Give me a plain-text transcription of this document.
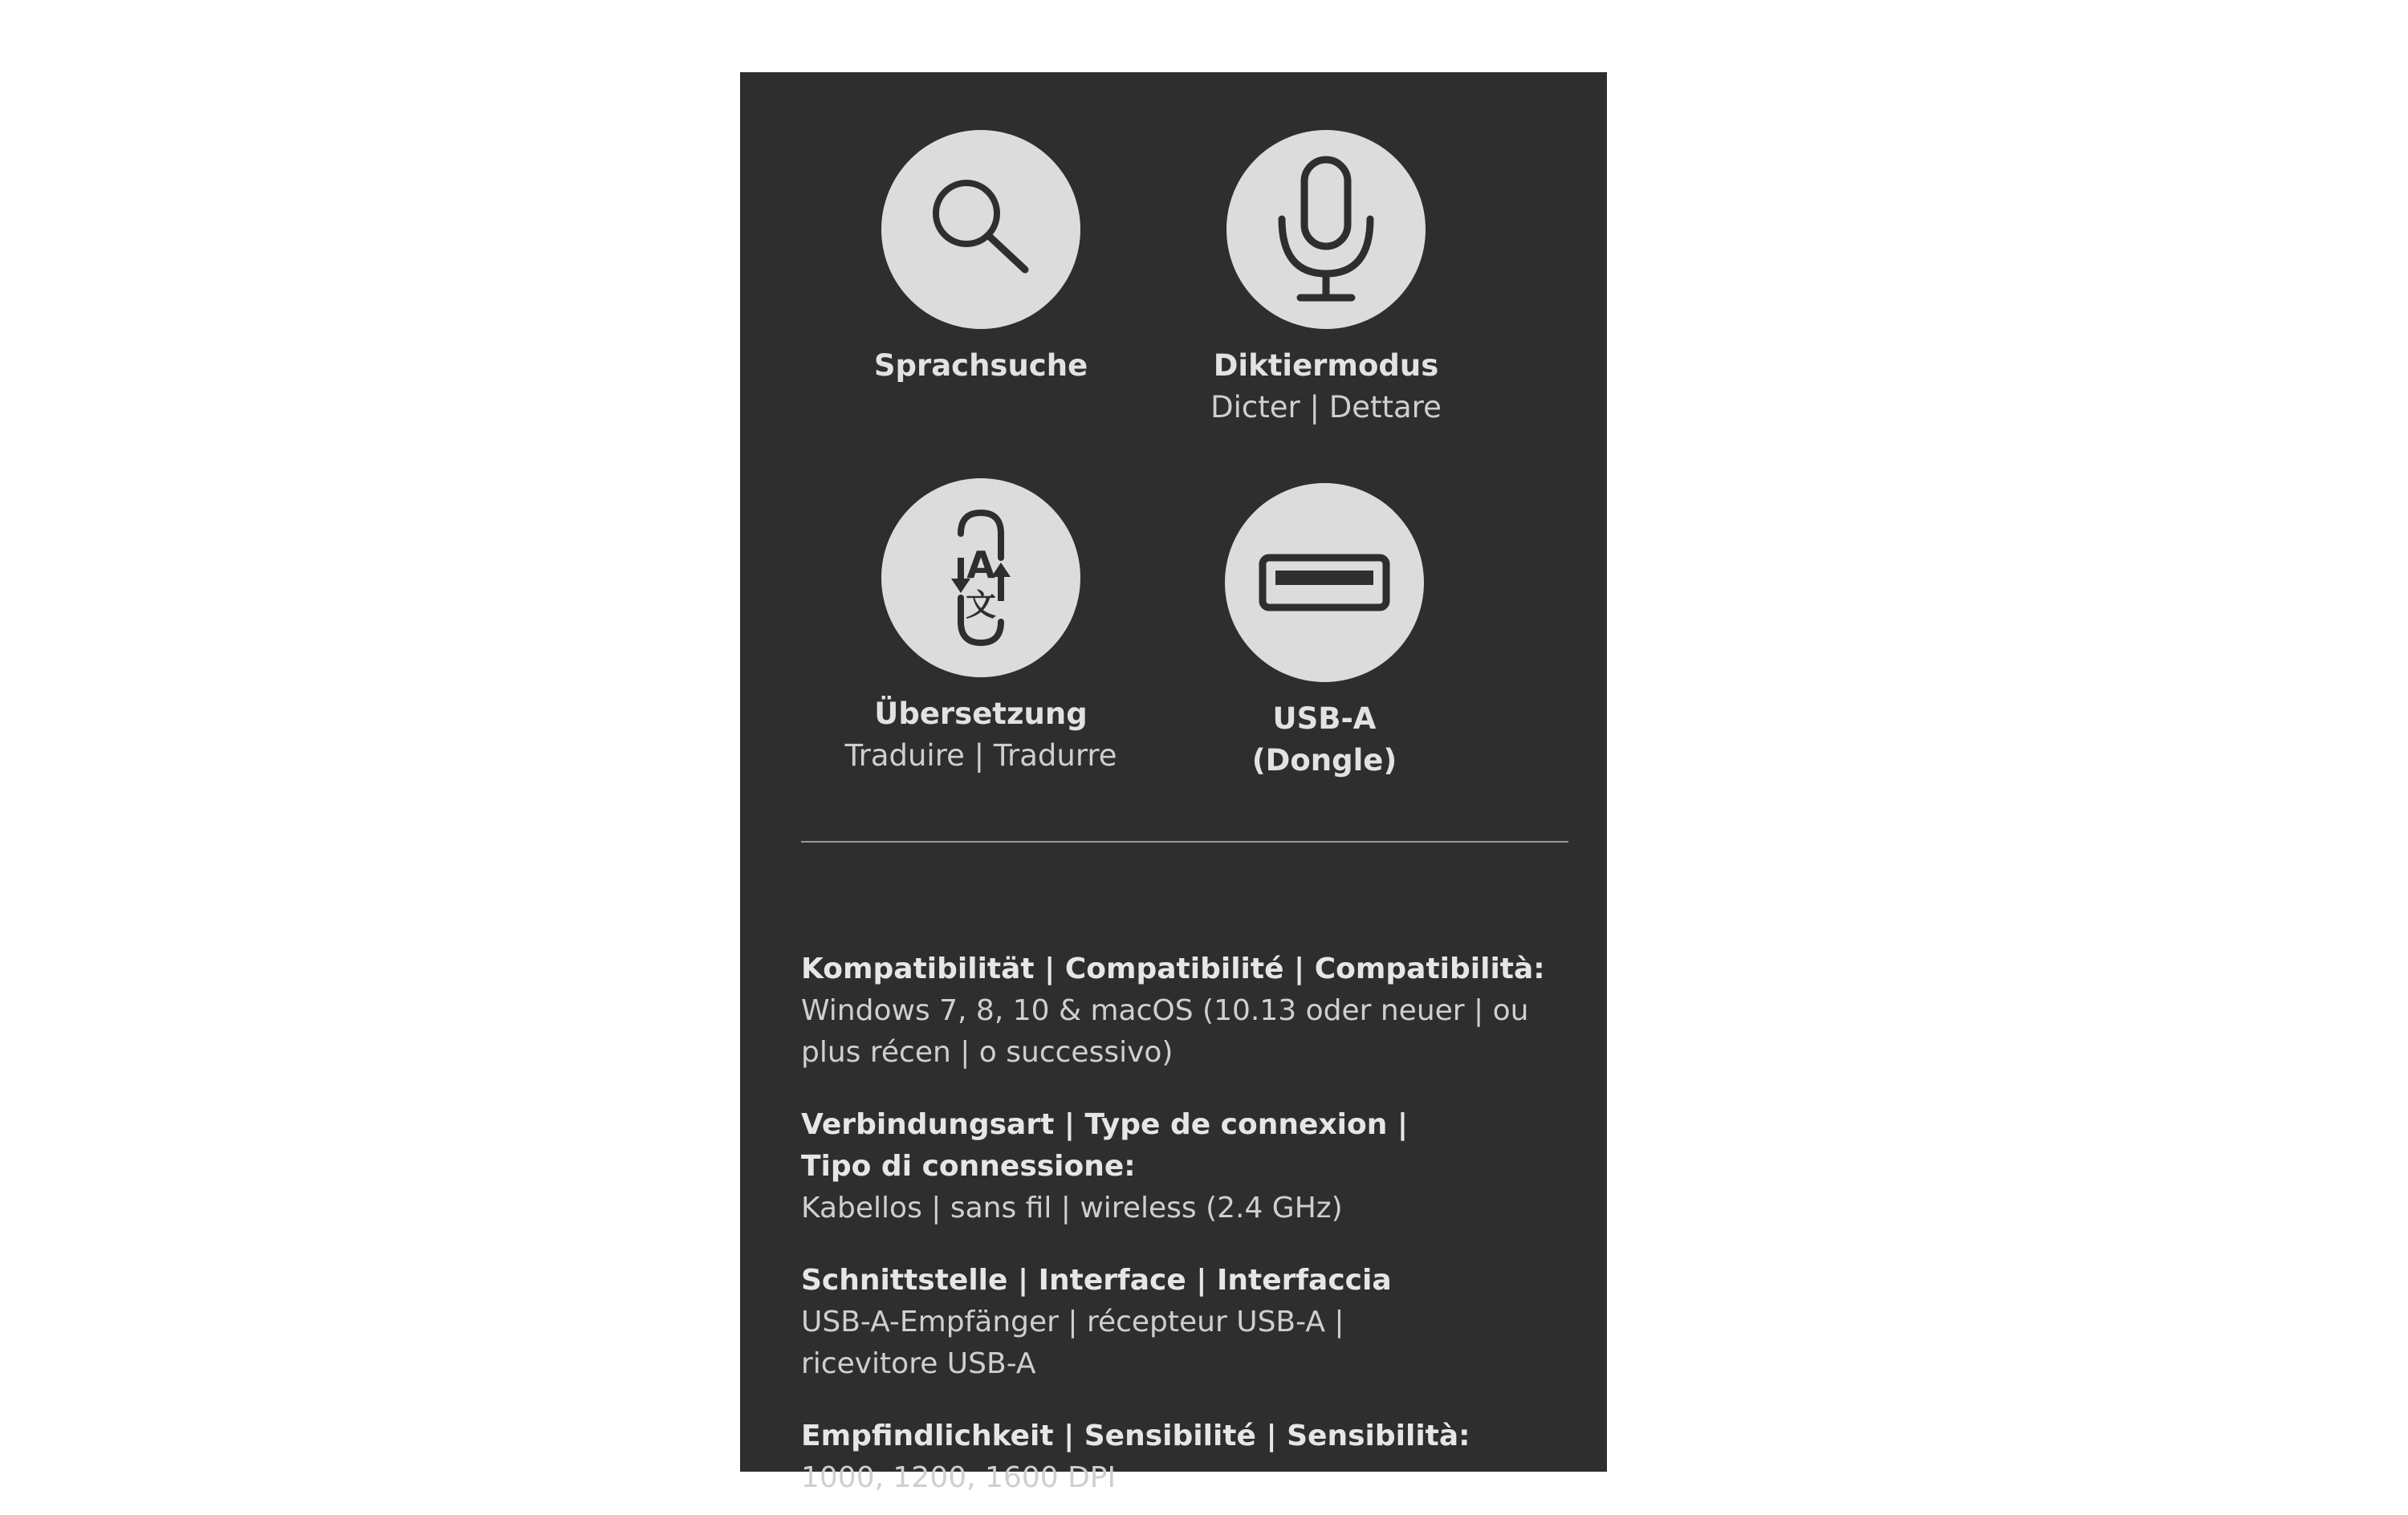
Sprachsuche	Diktiermodus
Dicter | Dettare
A
文
Übersetzung
Traduire | Tradurre
USB-A
(Dongle)
Kompatibilität | Compatibilité | Compatibilità:
Windows 7, 8, 10 & macOS (10.13 oder neuer | ou plus récen | o successivo)
Verbindungsart | Type de connexion | Tipo di connessione:
Kabellos | sans fil | wireless (2.4 GHz)
Schnittstelle | Interface | Interfaccia
USB-A-Empfänger | récepteur USB-A | ricevitore USB-A
Empfindlichkeit | Sensibilité | Sensibilità:
1000, 1200, 1600 DPI
